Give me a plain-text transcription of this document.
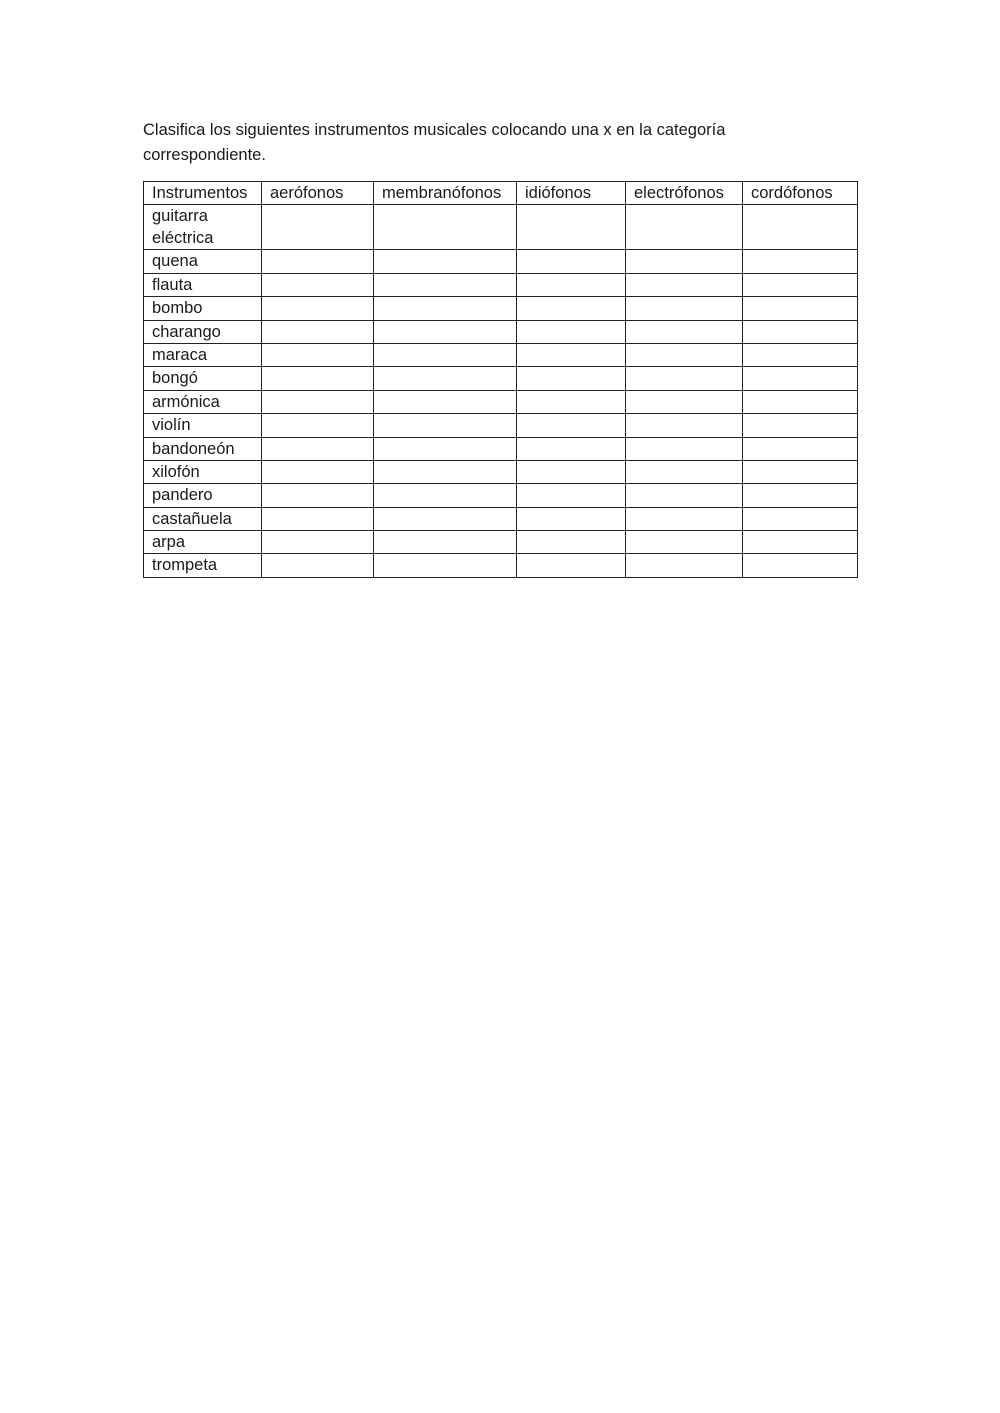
Clasifica los siguientes instrumentos musicales colocando una x en la categoría correspondiente.

Instrumentos	aerófonos	membranófonos	idiófonos	electrófonos	cordófonos
guitarra eléctrica					
quena					
flauta					
bombo					
charango					
maraca					
bongó					
armónica					
violín					
bandoneón					
xilofón					
pandero					
castañuela					
arpa					
trompeta					
